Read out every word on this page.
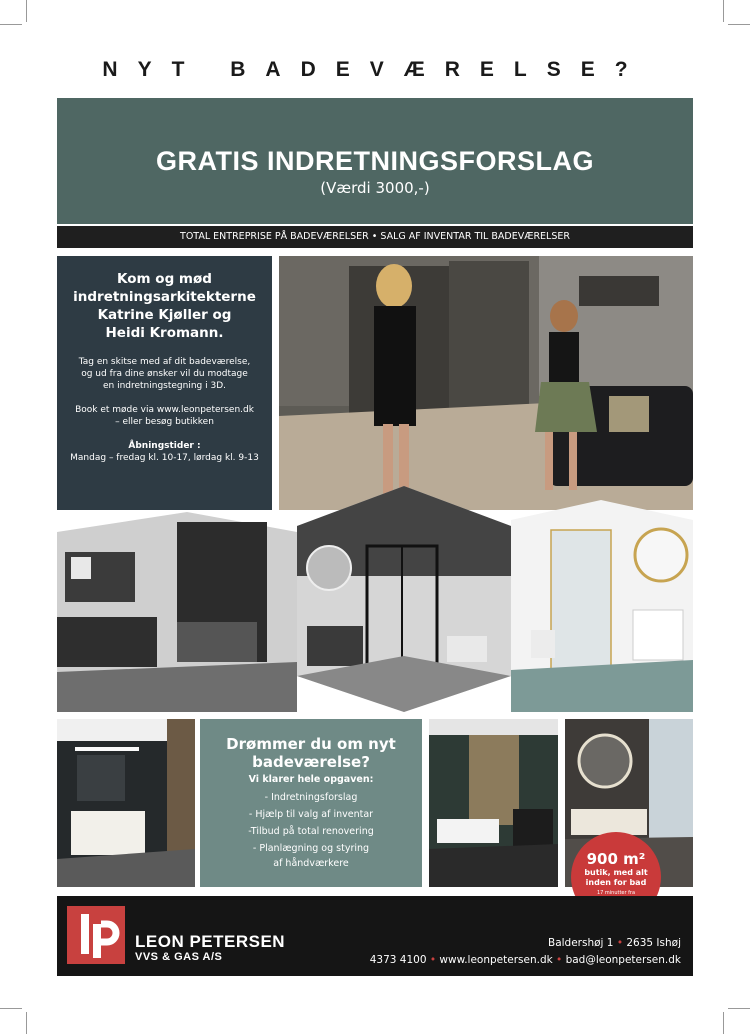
NYT BADEVÆRELSE?
GRATIS INDRETNINGSFORSLAG
(Værdi 3000,-)
TOTAL ENTREPRISE PÅ BADEVÆRELSER • SALG AF INVENTAR TIL BADEVÆRELSER
Kom og mød
indretningsarkitekterne
Katrine Kjøller og
Heidi Kromann.

Tag en skitse med af dit badeværelse,
og ud fra dine ønsker vil du modtage
en indretningstegning i 3D.

Book et møde via www.leonpetersen.dk
– eller besøg butikken

Åbningstider :

Mandag – fredag kl. 10-17, lørdag kl. 9-13

Drømmer du om nyt
badeværelse?
Vi klarer hele opgaven:
- Indretningsforslag
- Hjælp til valg af inventar
-Tilbud på total renovering
- Planlægning og styring
af håndværkere	900 m²
butik, med alt
inden for bad
17 minutter fra
LEON PETERSEN
VVS & GAS A/S
Baldershøj 1 • 2635 Ishøj
4373 4100 • www.leonpetersen.dk • bad@leonpetersen.dk
